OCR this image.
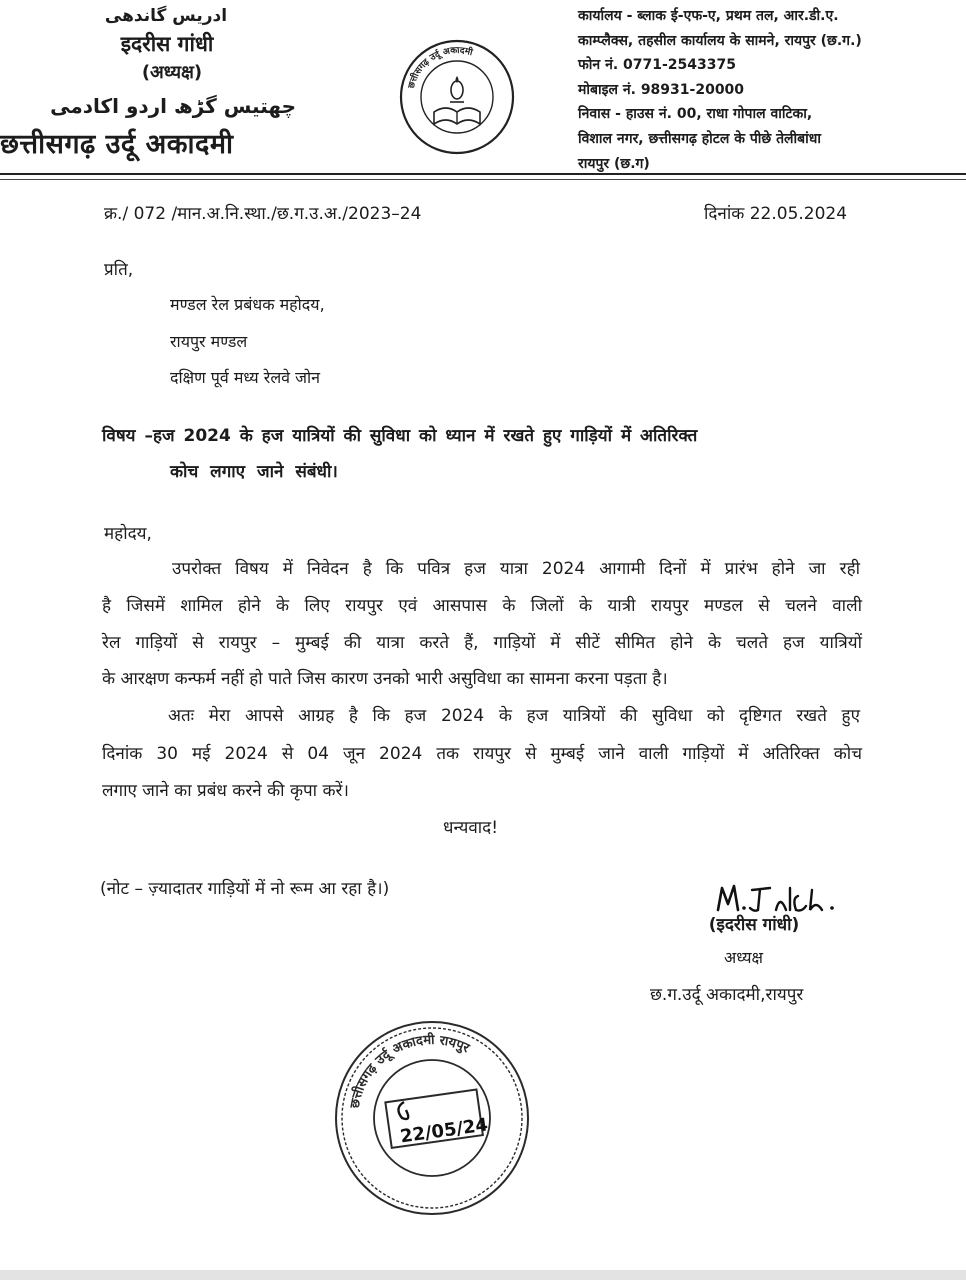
ادریس گاندھی
इदरीस गांधी
(अध्यक्ष)
چھتیس گڑھ اردو اکادمی
छत्तीसगढ़ उर्दू अकादमी
छत्तीसगढ़ उर्दू अकादमी
कार्यालय - ब्लाक ई-एफ-ए, प्रथम तल, आर.डी.ए.
काम्प्लैक्स, तहसील कार्यालय के सामने, रायपुर (छ.ग.)
फोन नं. 0771-2543375
मोबाइल नं. 98931-20000
निवास - हाउस नं. 00, राधा गोपाल वाटिका,
विशाल नगर, छत्तीसगढ़ होटल के पीछे तेलीबांधा
रायपुर (छ.ग)
क्र./ 072 /मान.अ.नि.स्था./छ.ग.उ.अ./2023–24	दिनांक 22.05.2024
प्रति,
मण्डल रेल प्रबंधक महोदय,
रायपुर मण्डल
दक्षिण पूर्व मध्य रेलवे जोन
विषय –हज 2024 के हज यात्रियों की सुविधा को ध्यान में रखते हुए गाड़ियों में अतिरिक्त
कोच लगाए जाने संबंधी।
महोदय,
उपरोक्त विषय में निवेदन है कि पवित्र हज यात्रा 2024 आगामी दिनों में प्रारंभ होने जा रही
है जिसमें शामिल होने के लिए रायपुर एवं आसपास के जिलों के यात्री रायपुर मण्डल से चलने वाली
रेल गाड़ियों से रायपुर – मुम्बई की यात्रा करते हैं, गाड़ियों में सीटें सीमित होने के चलते हज यात्रियों
के आरक्षण कन्फर्म नहीं हो पाते जिस कारण उनको भारी असुविधा का सामना करना पड़ता है।
अतः मेरा आपसे आग्रह है कि हज 2024 के हज यात्रियों की सुविधा को दृष्टिगत रखते हुए
दिनांक 30 मई 2024 से 04 जून 2024 तक रायपुर से मुम्बई जाने वाली गाड़ियों में अतिरिक्त कोच
लगाए जाने का प्रबंध करने की कृपा करें।
धन्यवाद!
(नोट – ज़्यादातर गाड़ियों में नो रूम आ रहा है।)
(इदरीस गांधी)
अध्यक्ष
छ.ग.उर्दू अकादमी,रायपुर
छत्तीसगढ़ उर्दू अकादमी रायपुर
22/05/24
